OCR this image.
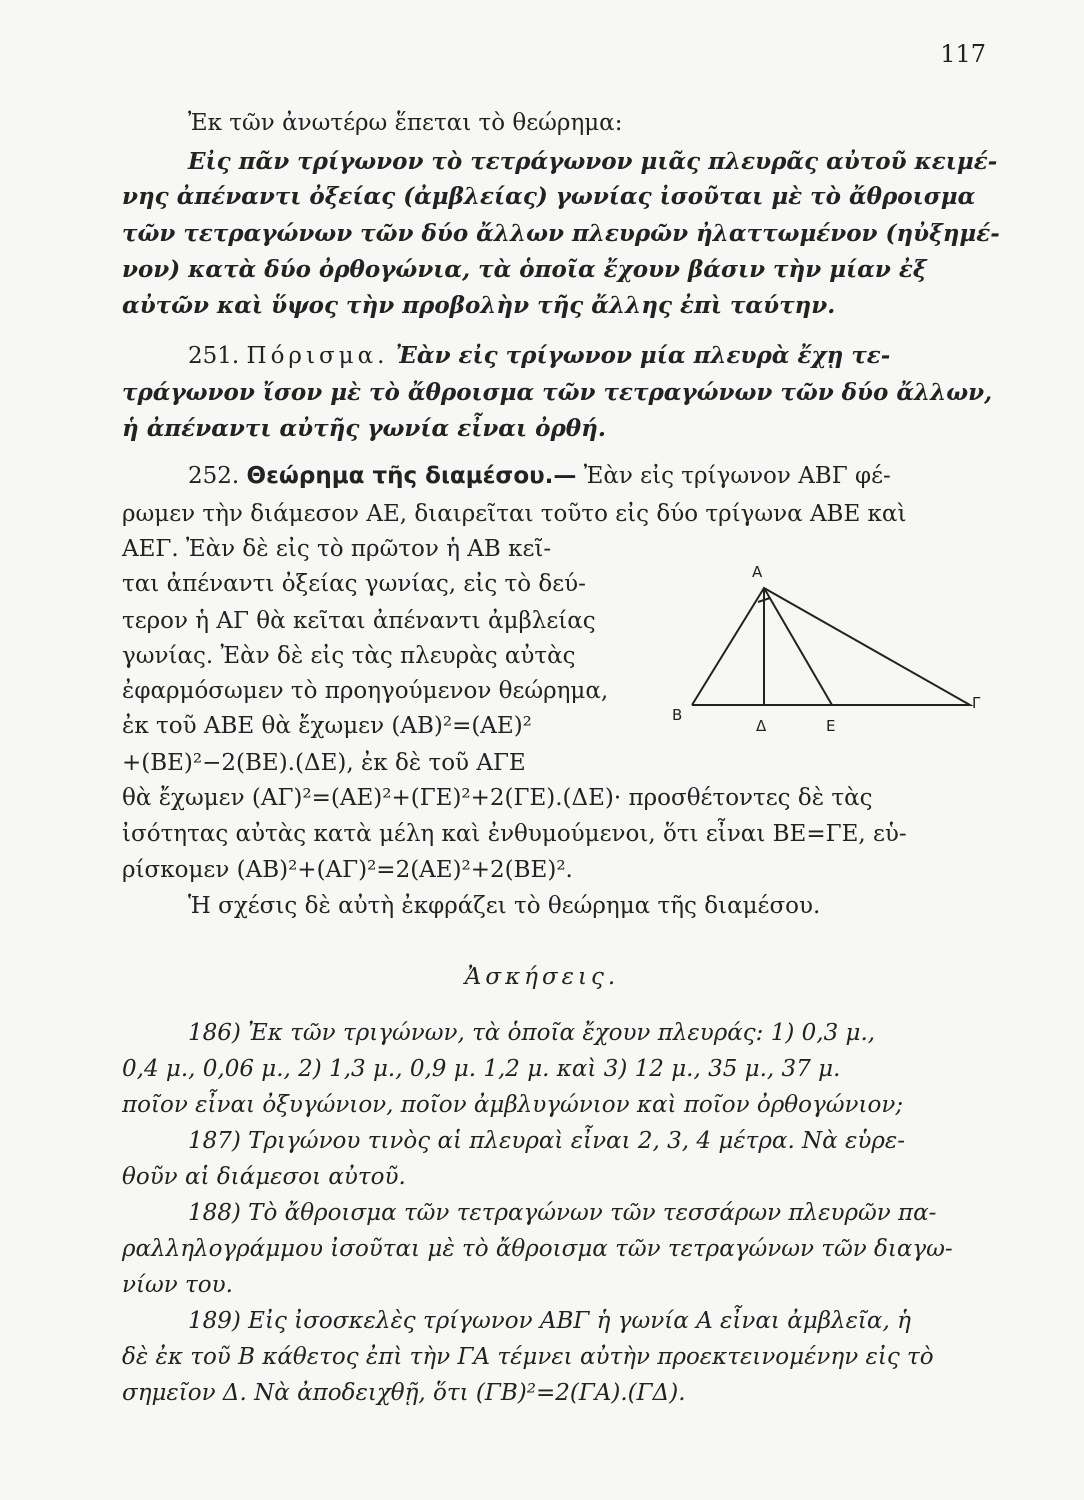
117
Ἐκ τῶν ἀνωτέρω ἕπεται τὸ θεώρημα:
Εἰς πᾶν τρίγωνον τὸ τετράγωνον μιᾶς πλευρᾶς αὐτοῦ κειμέ-
νης ἀπέναντι ὀξείας (ἀμβλείας) γωνίας ἰσοῦται μὲ τὸ ἄθροισμα
τῶν τετραγώνων τῶν δύο ἄλλων πλευρῶν ἠλαττωμένον (ηὐξημέ-
νον) κατὰ δύο ὀρθογώνια, τὰ ὁποῖα ἔχουν βάσιν τὴν μίαν ἐξ
αὐτῶν καὶ ὕψος τὴν προβολὴν τῆς ἄλλης ἐπὶ ταύτην.
251. Πόρισμα. Ἐὰν εἰς τρίγωνον μία πλευρὰ ἔχῃ τε-
τράγωνον ἴσον μὲ τὸ ἄθροισμα τῶν τετραγώνων τῶν δύο ἄλλων,
ἡ ἀπέναντι αὐτῆς γωνία εἶναι ὀρθή.
252. Θεώρημα τῆς διαμέσου.— Ἐὰν εἰς τρίγωνον ΑΒΓ φέ-
ρωμεν τὴν διάμεσον ΑΕ, διαιρεῖται τοῦτο εἰς δύο τρίγωνα ΑΒΕ καὶ
ΑΕΓ. Ἐὰν δὲ εἰς τὸ πρῶτον ἡ ΑΒ κεῖ-
ται ἀπέναντι ὀξείας γωνίας, εἰς τὸ δεύ-
τερον ἡ ΑΓ θὰ κεῖται ἀπέναντι ἀμβλείας
γωνίας. Ἐὰν δὲ εἰς τὰς πλευρὰς αὐτὰς
ἐφαρμόσωμεν τὸ προηγούμενον θεώρημα,
ἐκ τοῦ ΑΒΕ θὰ ἔχωμεν (ΑΒ)²=(ΑΕ)²
+(ΒΕ)²−2(ΒΕ).(ΔΕ), ἐκ δὲ τοῦ ΑΓΕ
θὰ ἔχωμεν (ΑΓ)²=(ΑΕ)²+(ΓΕ)²+2(ΓΕ).(ΔΕ)· προσθέτοντες δὲ τὰς
ἰσότητας αὐτὰς κατὰ μέλη καὶ ἐνθυμούμενοι, ὅτι εἶναι ΒΕ=ΓΕ, εὑ-
ρίσκομεν (ΑΒ)²+(ΑΓ)²=2(ΑΕ)²+2(ΒΕ)².
Ἡ σχέσις δὲ αὐτὴ ἐκφράζει τὸ θεώρημα τῆς διαμέσου.
Α
Β
Δ	Ε
Γ
Ἀσκήσεις.
186) Ἐκ τῶν τριγώνων, τὰ ὁποῖα ἔχουν πλευράς: 1) 0,3 μ.,
0,4 μ., 0,06 μ., 2) 1,3 μ., 0,9 μ. 1,2 μ. καὶ 3) 12 μ., 35 μ., 37 μ.
ποῖον εἶναι ὀξυγώνιον, ποῖον ἀμβλυγώνιον καὶ ποῖον ὀρθογώνιον;
187) Τριγώνου τινὸς αἱ πλευραὶ εἶναι 2, 3, 4 μέτρα. Νὰ εὑρε-
θοῦν αἱ διάμεσοι αὐτοῦ.
188) Τὸ ἄθροισμα τῶν τετραγώνων τῶν τεσσάρων πλευρῶν πα-
ραλληλογράμμου ἰσοῦται μὲ τὸ ἄθροισμα τῶν τετραγώνων τῶν διαγω-
νίων του.
189) Εἰς ἰσοσκελὲς τρίγωνον ΑΒΓ ἡ γωνία Α εἶναι ἀμβλεῖα, ἡ
δὲ ἐκ τοῦ Β κάθετος ἐπὶ τὴν ΓΑ τέμνει αὐτὴν προεκτεινομένην εἰς τὸ
σημεῖον Δ. Νὰ ἀποδειχθῇ, ὅτι (ΓΒ)²=2(ΓΑ).(ΓΔ).
